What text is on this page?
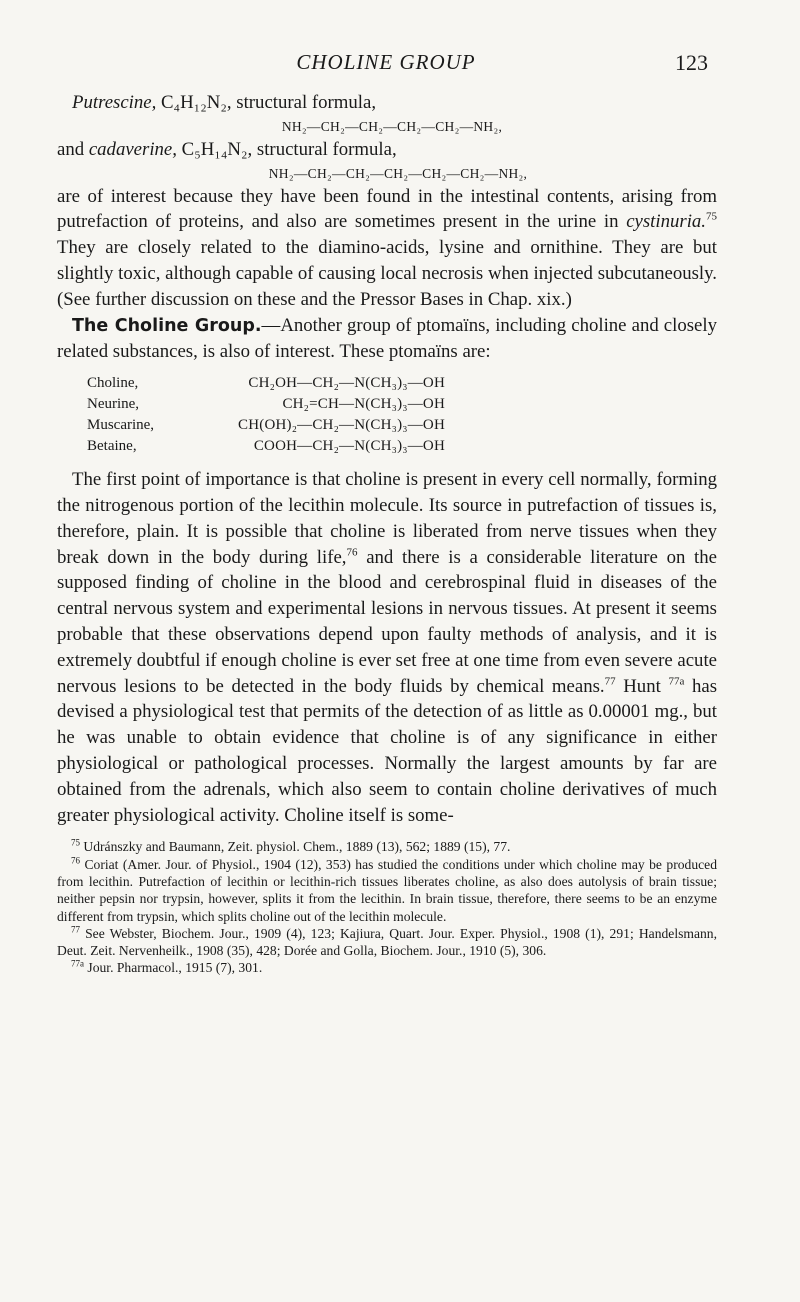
CHOLINE GROUP	123

Putrescine, C₄H₁₂N₂, structural formula,

NH₂—CH₂—CH₂—CH₂—CH₂—NH₂,

and cadaverine, C₅H₁₄N₂, structural formula,

NH₂—CH₂—CH₂—CH₂—CH₂—CH₂—NH₂,

are of interest because they have been found in the intestinal contents, arising from putrefaction of proteins, and also are sometimes present in the urine in cystinuria.$^{75}$ They are closely related to the diamino-acids, lysine and ornithine. They are but slightly toxic, although capable of causing local necrosis when injected subcutaneously. (See further discussion on these and the Pressor Bases in Chap. xix.)

The Choline Group.—Another group of ptomaïns, including choline and closely related substances, is also of interest. These ptomaïns are:

Choline,	CH₂OH—CH₂—N(CH₃)₃—OH
Neurine,	CH₂=CH—N(CH₃)₃—OH
Muscarine,	CH(OH)₂—CH₂—N(CH₃)₃—OH
Betaine,	COOH—CH₂—N(CH₃)₃—OH

The first point of importance is that choline is present in every cell normally, forming the nitrogenous portion of the lecithin molecule. Its source in putrefaction of tissues is, therefore, plain. It is possible that choline is liberated from nerve tissues when they break down in the body during life,$^{76}$ and there is a considerable literature on the supposed finding of choline in the blood and cerebrospinal fluid in diseases of the central nervous system and experimental lesions in nervous tissues. At present it seems probable that these observations depend upon faulty methods of analysis, and it is extremely doubtful if enough choline is ever set free at one time from even severe acute nervous lesions to be detected in the body fluids by chemical means.$^{77}$ Hunt $^{77a}$ has devised a physiological test that permits of the detection of as little as 0.00001 mg., but he was unable to obtain evidence that choline is of any significance in either physiological or pathological processes. Normally the largest amounts by far are obtained from the adrenals, which also seem to contain choline derivatives of much greater physiological activity. Choline itself is some-

$^{75}$ Udránszky and Baumann, Zeit. physiol. Chem., 1889 (13), 562; 1889 (15), 77.

$^{76}$ Coriat (Amer. Jour. of Physiol., 1904 (12), 353) has studied the conditions under which choline may be produced from lecithin. Putrefaction of lecithin or lecithin-rich tissues liberates choline, as also does autolysis of brain tissue; neither pepsin nor trypsin, however, splits it from the lecithin. In brain tissue, therefore, there seems to be an enzyme different from trypsin, which splits choline out of the lecithin molecule.

$^{77}$ See Webster, Biochem. Jour., 1909 (4), 123; Kajiura, Quart. Jour. Exper. Physiol., 1908 (1), 291; Handelsmann, Deut. Zeit. Nervenheilk., 1908 (35), 428; Dorée and Golla, Biochem. Jour., 1910 (5), 306.

$^{77a}$ Jour. Pharmacol., 1915 (7), 301.
